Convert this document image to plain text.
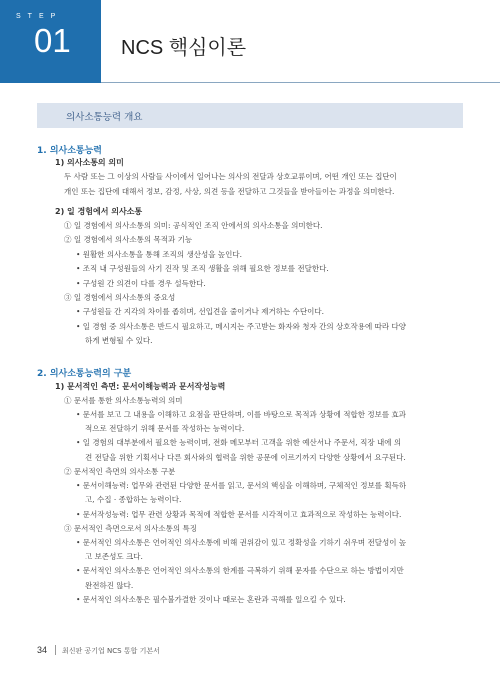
STEP
01	NCS 핵심이론
의사소통능력 개요
1. 의사소통능력
1) 의사소통의 의미
두 사람 또는 그 이상의 사람들 사이에서 일어나는 의사의 전달과 상호교류이며, 어떤 개인 또는 집단이
개인 또는 집단에 대해서 정보, 감정, 사상, 의견 등을 전달하고 그것들을 받아들이는 과정을 의미한다.
2) 일 경험에서 의사소통
① 일 경험에서 의사소통의 의미: 공식적인 조직 안에서의 의사소통을 의미한다.
② 일 경험에서 의사소통의 목적과 기능
• 원활한 의사소통을 통해 조직의 생산성을 높인다.
• 조직 내 구성원들의 사기 진작 및 조직 생활을 위해 필요한 정보를 전달한다.
• 구성원 간 의견이 다를 경우 설득한다.
③ 일 경험에서 의사소통의 중요성
• 구성원들 간 지각의 차이를 좁히며, 선입견을 줄이거나 제거하는 수단이다.
• 일 경험 중 의사소통은 반드시 필요하고, 메시지는 주고받는 화자와 청자 간의 상호작용에 따라 다양
하게 변형될 수 있다.
2. 의사소통능력의 구분
1) 문서적인 측면: 문서이해능력과 문서작성능력
① 문서를 통한 의사소통능력의 의미
• 문서를 보고 그 내용을 이해하고 요점을 판단하며, 이를 바탕으로 목적과 상황에 적합한 정보를 효과
적으로 전달하기 위해 문서를 작성하는 능력이다.
• 일 경험의 대부분에서 필요한 능력이며, 전화 메모부터 고객을 위한 예산서나 주문서, 직장 내에 의
견 전달을 위한 기획서나 다른 회사와의 협력을 위한 공문에 이르기까지 다양한 상황에서 요구된다.
② 문서적인 측면의 의사소통 구분
• 문서이해능력: 업무와 관련된 다양한 문서를 읽고, 문서의 핵심을 이해하며, 구체적인 정보를 획득하
고, 수집 · 종합하는 능력이다.
• 문서작성능력: 업무 관련 상황과 목적에 적합한 문서를 시각적이고 효과적으로 작성하는 능력이다.
③ 문서적인 측면으로서 의사소통의 특징
• 문서적인 의사소통은 언어적인 의사소통에 비해 권위감이 있고 정확성을 기하기 쉬우며 전달성이 높
고 보존성도 크다.
• 문서적인 의사소통은 언어적인 의사소통의 한계를 극복하기 위해 문자를 수단으로 하는 방법이지만
완전하진 않다.
• 문서적인 의사소통은 필수불가결한 것이나 때로는 혼란과 곡해를 일으킬 수 있다.
34 최신판 공기업 NCS 통합 기본서
